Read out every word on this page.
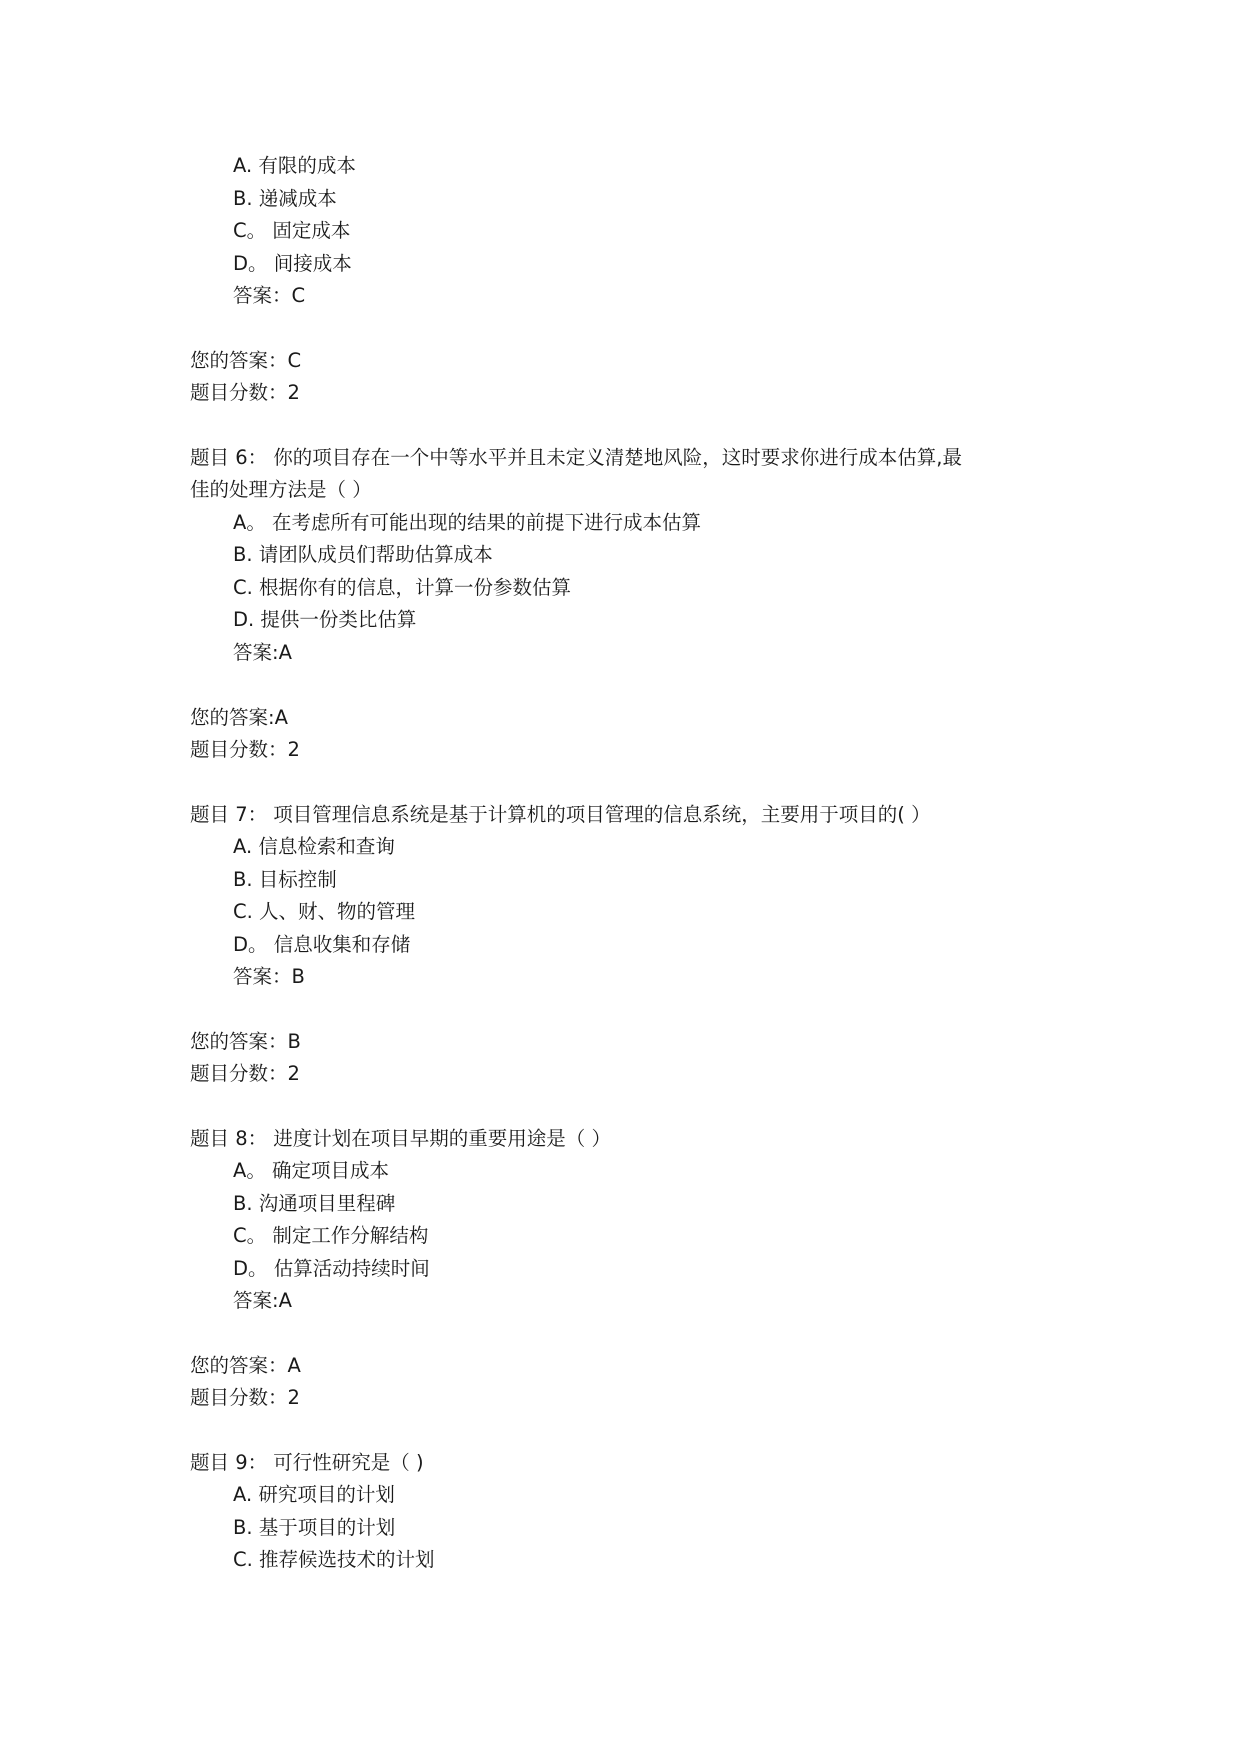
A. 有限的成本
B. 递减成本
C。 固定成本
D。 间接成本
答案：C
您的答案：C
题目分数：2
题目 6： 你的项目存在一个中等水平并且未定义清楚地风险，这时要求你进行成本估算,最
佳的处理方法是（ ）
A。 在考虑所有可能出现的结果的前提下进行成本估算
B. 请团队成员们帮助估算成本
C. 根据你有的信息，计算一份参数估算
D. 提供一份类比估算
答案:A
您的答案:A
题目分数：2
题目 7： 项目管理信息系统是基于计算机的项目管理的信息系统，主要用于项目的( ）
A. 信息检索和查询
B. 目标控制
C. 人、财、物的管理
D。 信息收集和存储
答案：B
您的答案：B
题目分数：2
题目 8： 进度计划在项目早期的重要用途是（ ）
A。 确定项目成本
B. 沟通项目里程碑
C。 制定工作分解结构
D。 估算活动持续时间
答案:A
您的答案：A
题目分数：2
题目 9： 可行性研究是（ )
A. 研究项目的计划
B. 基于项目的计划
C. 推荐候选技术的计划
